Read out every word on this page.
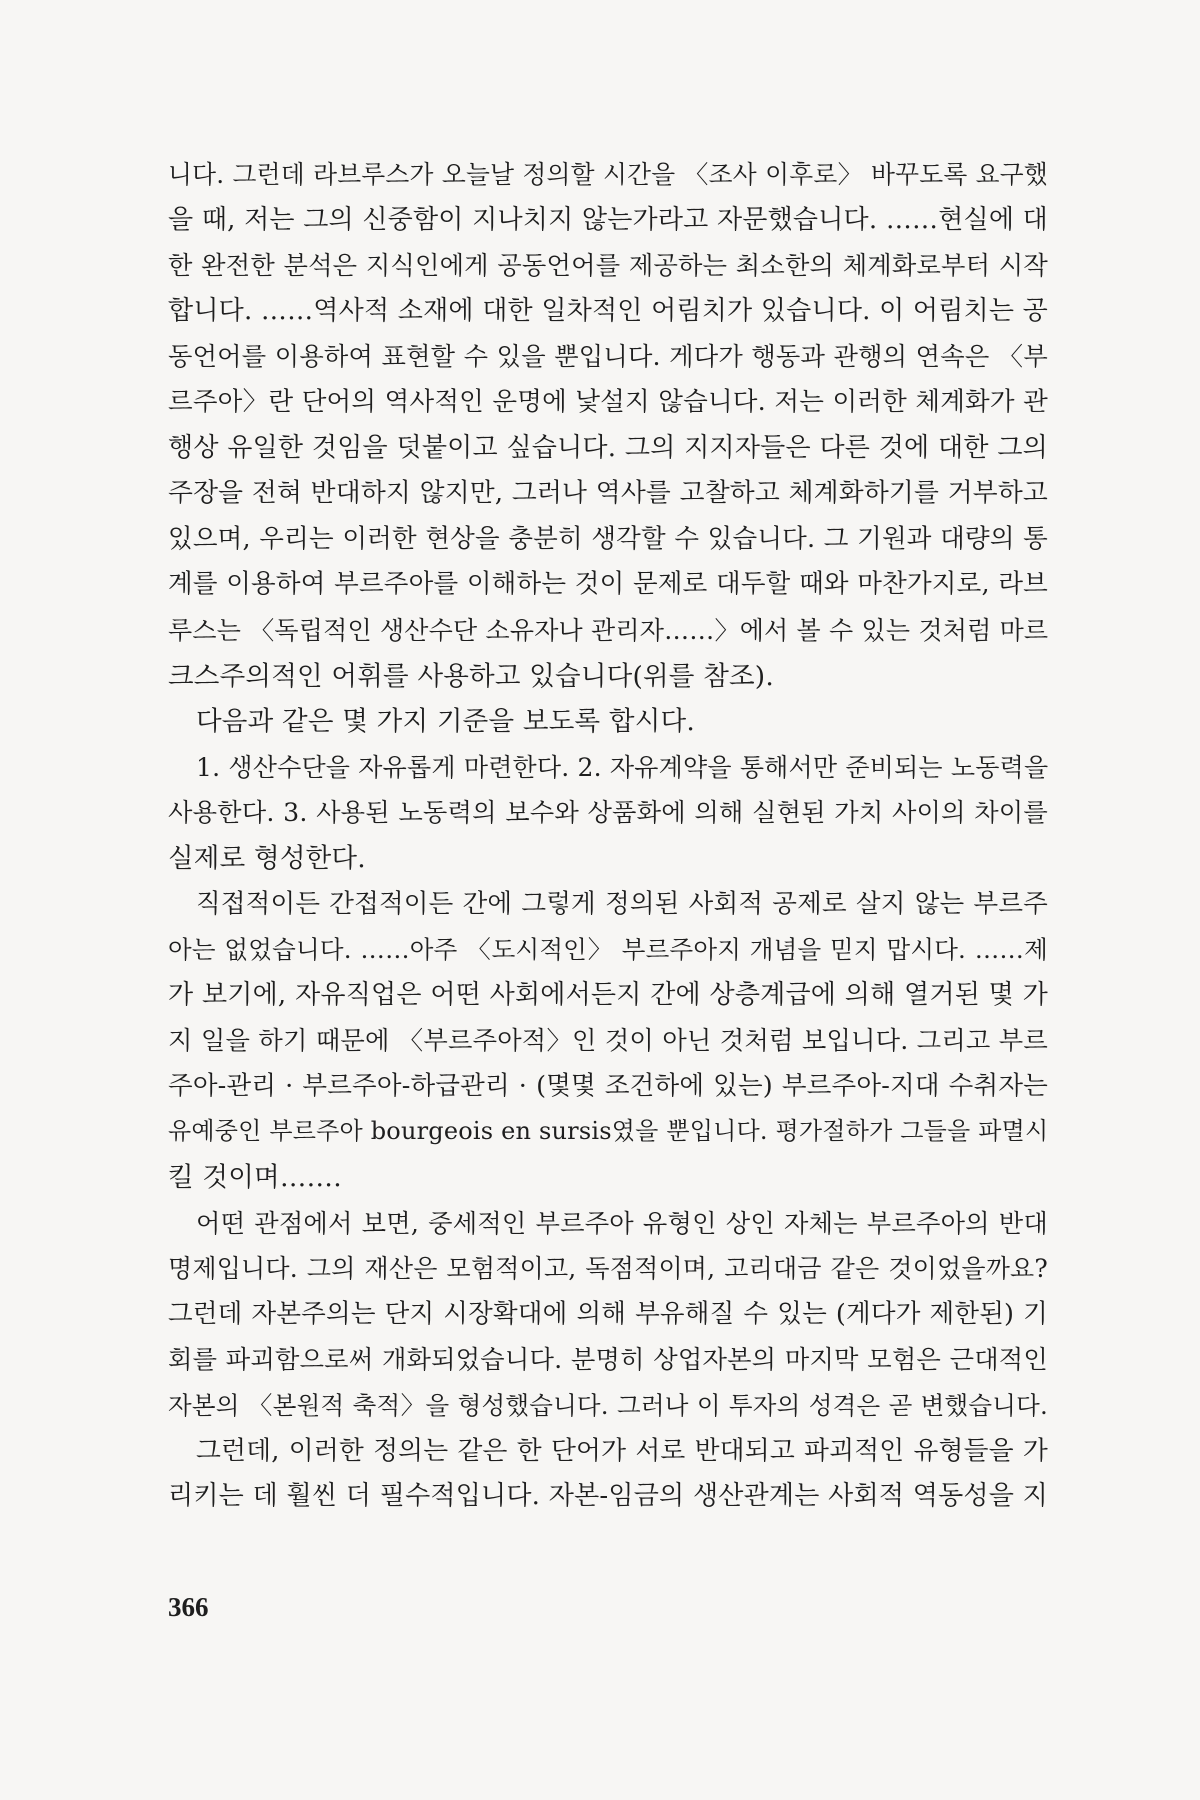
니다. 그런데 라브루스가 오늘날 정의할 시간을 〈조사 이후로〉 바꾸도록 요구했
을 때, 저는 그의 신중함이 지나치지 않는가라고 자문했습니다. ……현실에 대
한 완전한 분석은 지식인에게 공동언어를 제공하는 최소한의 체계화로부터 시작
합니다. ……역사적 소재에 대한 일차적인 어림치가 있습니다. 이 어림치는 공
동언어를 이용하여 표현할 수 있을 뿐입니다. 게다가 행동과 관행의 연속은 〈부
르주아〉란 단어의 역사적인 운명에 낯설지 않습니다. 저는 이러한 체계화가 관
행상 유일한 것임을 덧붙이고 싶습니다. 그의 지지자들은 다른 것에 대한 그의
주장을 전혀 반대하지 않지만, 그러나 역사를 고찰하고 체계화하기를 거부하고
있으며, 우리는 이러한 현상을 충분히 생각할 수 있습니다. 그 기원과 대량의 통
계를 이용하여 부르주아를 이해하는 것이 문제로 대두할 때와 마찬가지로, 라브
루스는 〈독립적인 생산수단 소유자나 관리자……〉에서 볼 수 있는 것처럼 마르
크스주의적인 어휘를 사용하고 있습니다(위를 참조).
다음과 같은 몇 가지 기준을 보도록 합시다.
1. 생산수단을 자유롭게 마련한다. 2. 자유계약을 통해서만 준비되는 노동력을
사용한다. 3. 사용된 노동력의 보수와 상품화에 의해 실현된 가치 사이의 차이를
실제로 형성한다.
직접적이든 간접적이든 간에 그렇게 정의된 사회적 공제로 살지 않는 부르주
아는 없었습니다. ……아주 〈도시적인〉 부르주아지 개념을 믿지 맙시다. ……제
가 보기에, 자유직업은 어떤 사회에서든지 간에 상층계급에 의해 열거된 몇 가
지 일을 하기 때문에 〈부르주아적〉인 것이 아닌 것처럼 보입니다. 그리고 부르
주아-관리 · 부르주아-하급관리 · (몇몇 조건하에 있는) 부르주아-지대 수취자는
유예중인 부르주아 bourgeois en sursis였을 뿐입니다. 평가절하가 그들을 파멸시
킬 것이며…….
어떤 관점에서 보면, 중세적인 부르주아 유형인 상인 자체는 부르주아의 반대
명제입니다. 그의 재산은 모험적이고, 독점적이며, 고리대금 같은 것이었을까요?
그런데 자본주의는 단지 시장확대에 의해 부유해질 수 있는 (게다가 제한된) 기
회를 파괴함으로써 개화되었습니다. 분명히 상업자본의 마지막 모험은 근대적인
자본의 〈본원적 축적〉을 형성했습니다. 그러나 이 투자의 성격은 곧 변했습니다.
그런데, 이러한 정의는 같은 한 단어가 서로 반대되고 파괴적인 유형들을 가
리키는 데 훨씬 더 필수적입니다. 자본-임금의 생산관계는 사회적 역동성을 지
366
